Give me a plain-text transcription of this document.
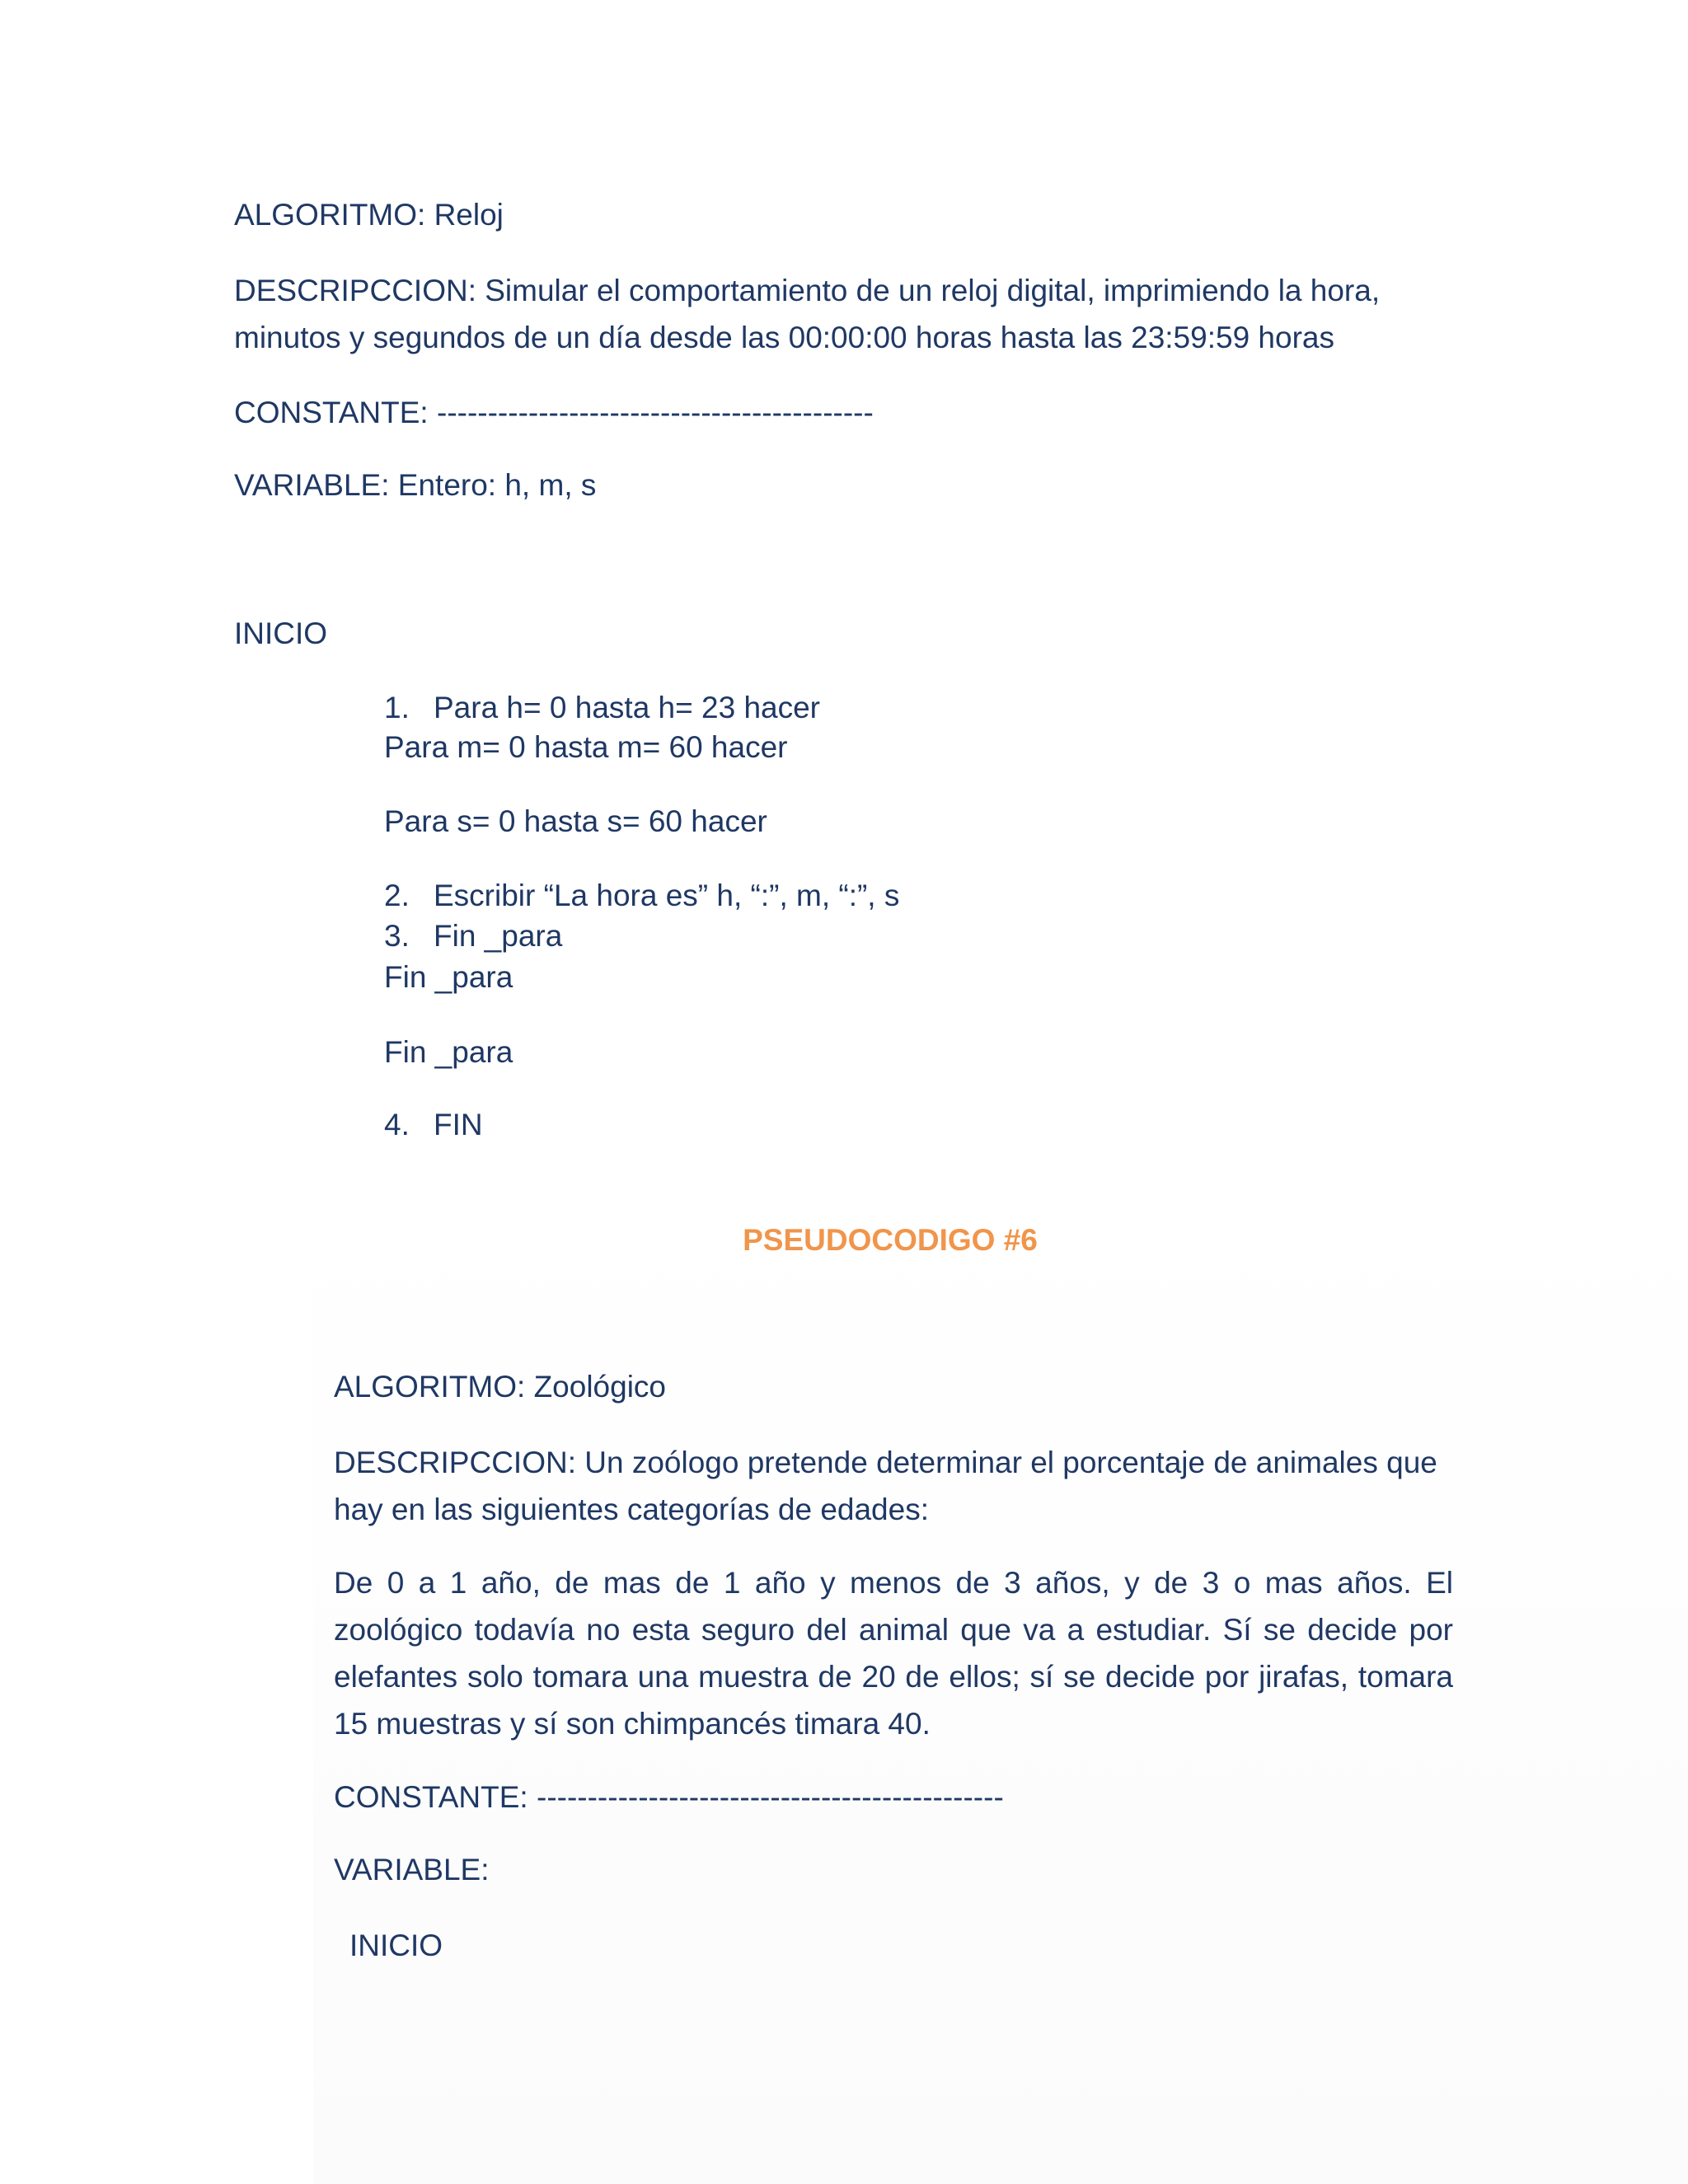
ALGORITMO: Reloj
DESCRIPCCION: Simular el comportamiento de un reloj digital, imprimiendo la hora, minutos y segundos de un día desde las 00:00:00 horas hasta las 23:59:59 horas
CONSTANTE: -------------------------------------------
VARIABLE: Entero: h, m, s
INICIO
1. Para h= 0 hasta h= 23 hacer
Para m= 0 hasta m= 60 hacer
Para s= 0 hasta s= 60 hacer
2. Escribir “La hora es” h, “:”, m, “:”, s
3. Fin _para
Fin _para
Fin _para
4. FIN
PSEUDOCODIGO #6
ALGORITMO: Zoológico
DESCRIPCCION: Un zoólogo pretende determinar el porcentaje de animales que hay en las siguientes categorías de edades:
De 0 a 1 año, de mas de 1 año y menos de 3 años, y de 3 o mas años. El zoológico todavía no esta seguro del animal que va a estudiar. Sí se decide por elefantes solo tomara una muestra de 20 de ellos; sí se decide por jirafas, tomara 15 muestras y sí son chimpancés timara 40.
CONSTANTE: ----------------------------------------------
VARIABLE:
INICIO
